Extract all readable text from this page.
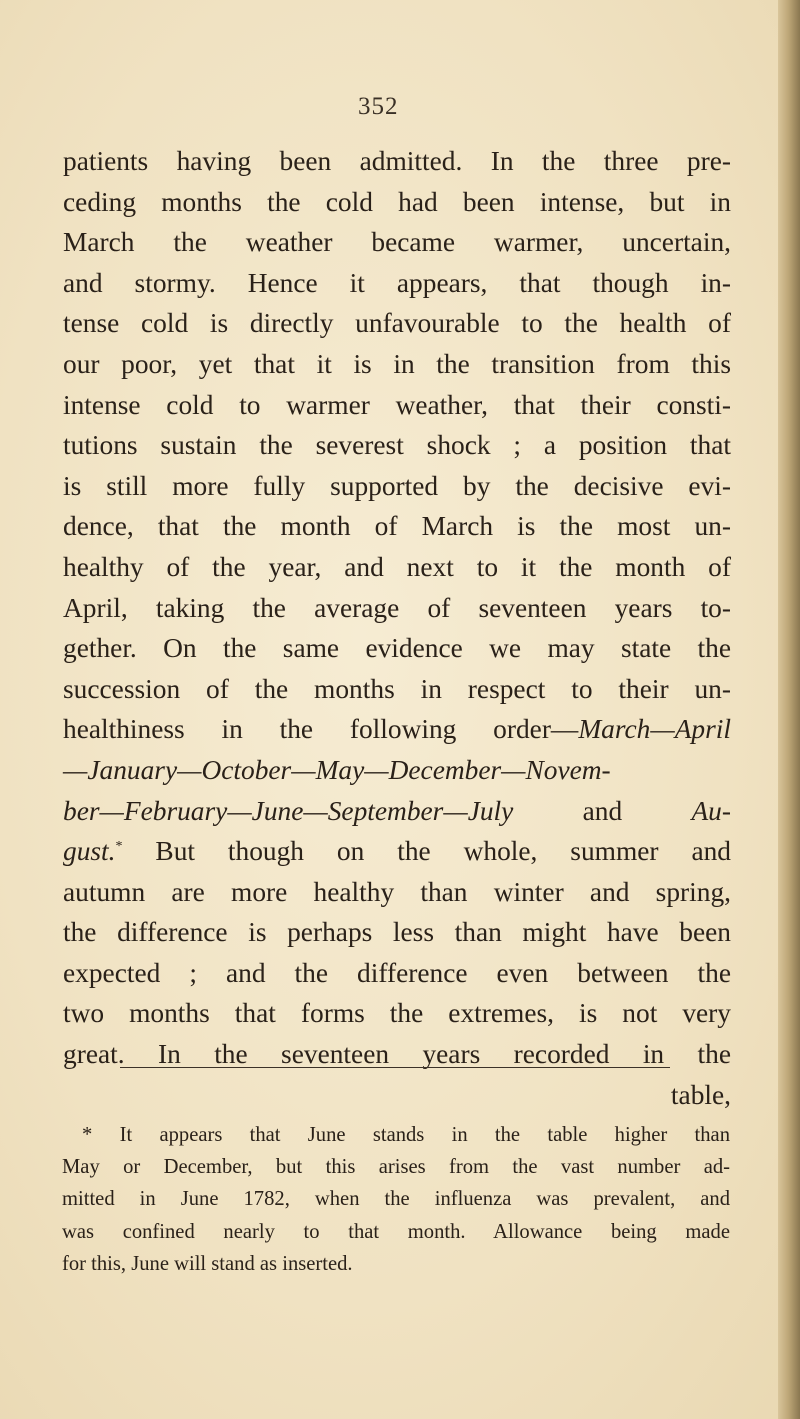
352
patients having been admitted. In the three pre-
ceding months the cold had been intense, but in
March the weather became warmer, uncertain,
and stormy. Hence it appears, that though in-
tense cold is directly unfavourable to the health of
our poor, yet that it is in the transition from this
intense cold to warmer weather, that their consti-
tutions sustain the severest shock ; a position that
is still more fully supported by the decisive evi-
dence, that the month of March is the most un-
healthy of the year, and next to it the month of
April, taking the average of seventeen years to-
gether. On the same evidence we may state the
succession of the months in respect to their un-
healthiness in the following order—March—April
—January—October—May—December—Novem-
ber—February—June—September—July and Au-
gust.* But though on the whole, summer and
autumn are more healthy than winter and spring,
the difference is perhaps less than might have been
expected ; and the difference even between the
two months that forms the extremes, is not very
great. In the seventeen years recorded in the
table,
* It appears that June stands in the table higher than
May or December, but this arises from the vast number ad-
mitted in June 1782, when the influenza was prevalent, and
was confined nearly to that month. Allowance being made
for this, June will stand as inserted.
